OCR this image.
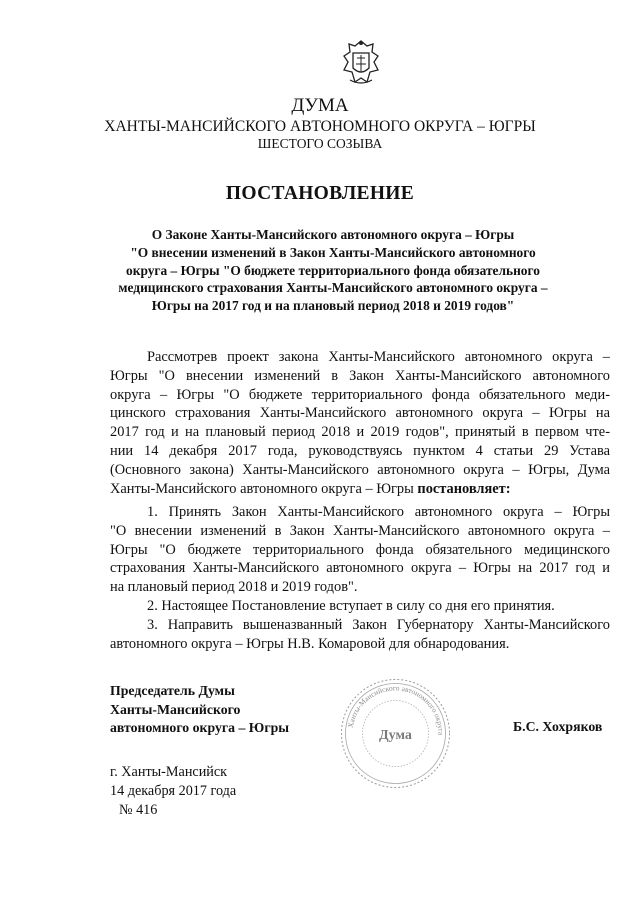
ДУМА
ХАНТЫ-МАНСИЙСКОГО АВТОНОМНОГО ОКРУГА – ЮГРЫ
ШЕСТОГО СОЗЫВА
ПОСТАНОВЛЕНИЕ
О Законе Ханты-Мансийского автономного округа – Югры
"О внесении изменений в Закон Ханты-Мансийского автономного
округа – Югры "О бюджете территориального фонда обязательного
медицинского страхования Ханты-Мансийского автономного округа –
Югры на 2017 год и на плановый период 2018 и 2019 годов"
Рассмотрев проект закона Ханты-Мансийского автономного округа –
Югры "О внесении изменений в Закон Ханты-Мансийского автономного
округа – Югры "О бюджете территориального фонда обязательного меди-
цинского страхования Ханты-Мансийского автономного округа – Югры на
2017 год и на плановый период 2018 и 2019 годов", принятый в первом чте-
нии 14 декабря 2017 года, руководствуясь пунктом 4 статьи 29 Устава
(Основного закона) Ханты-Мансийского автономного округа – Югры, Дума
Ханты-Мансийского автономного округа – Югры постановляет:
1. Принять Закон Ханты-Мансийского автономного округа – Югры
"О внесении изменений в Закон Ханты-Мансийского автономного округа –
Югры "О бюджете территориального фонда обязательного медицинского
страхования Ханты-Мансийского автономного округа – Югры на 2017 год и
на плановый период 2018 и 2019 годов".
2. Настоящее Постановление вступает в силу со дня его принятия.
3. Направить вышеназванный Закон Губернатору Ханты-Мансийского
автономного округа – Югры Н.В. Комаровой для обнародования.
Председатель Думы
Ханты-Мансийского
автономного округа – Югры	Ханты-Мансийского автономного округа
Дума
Б.С. Хохряков
г. Ханты-Мансийск
14 декабря 2017 года
№ 416
